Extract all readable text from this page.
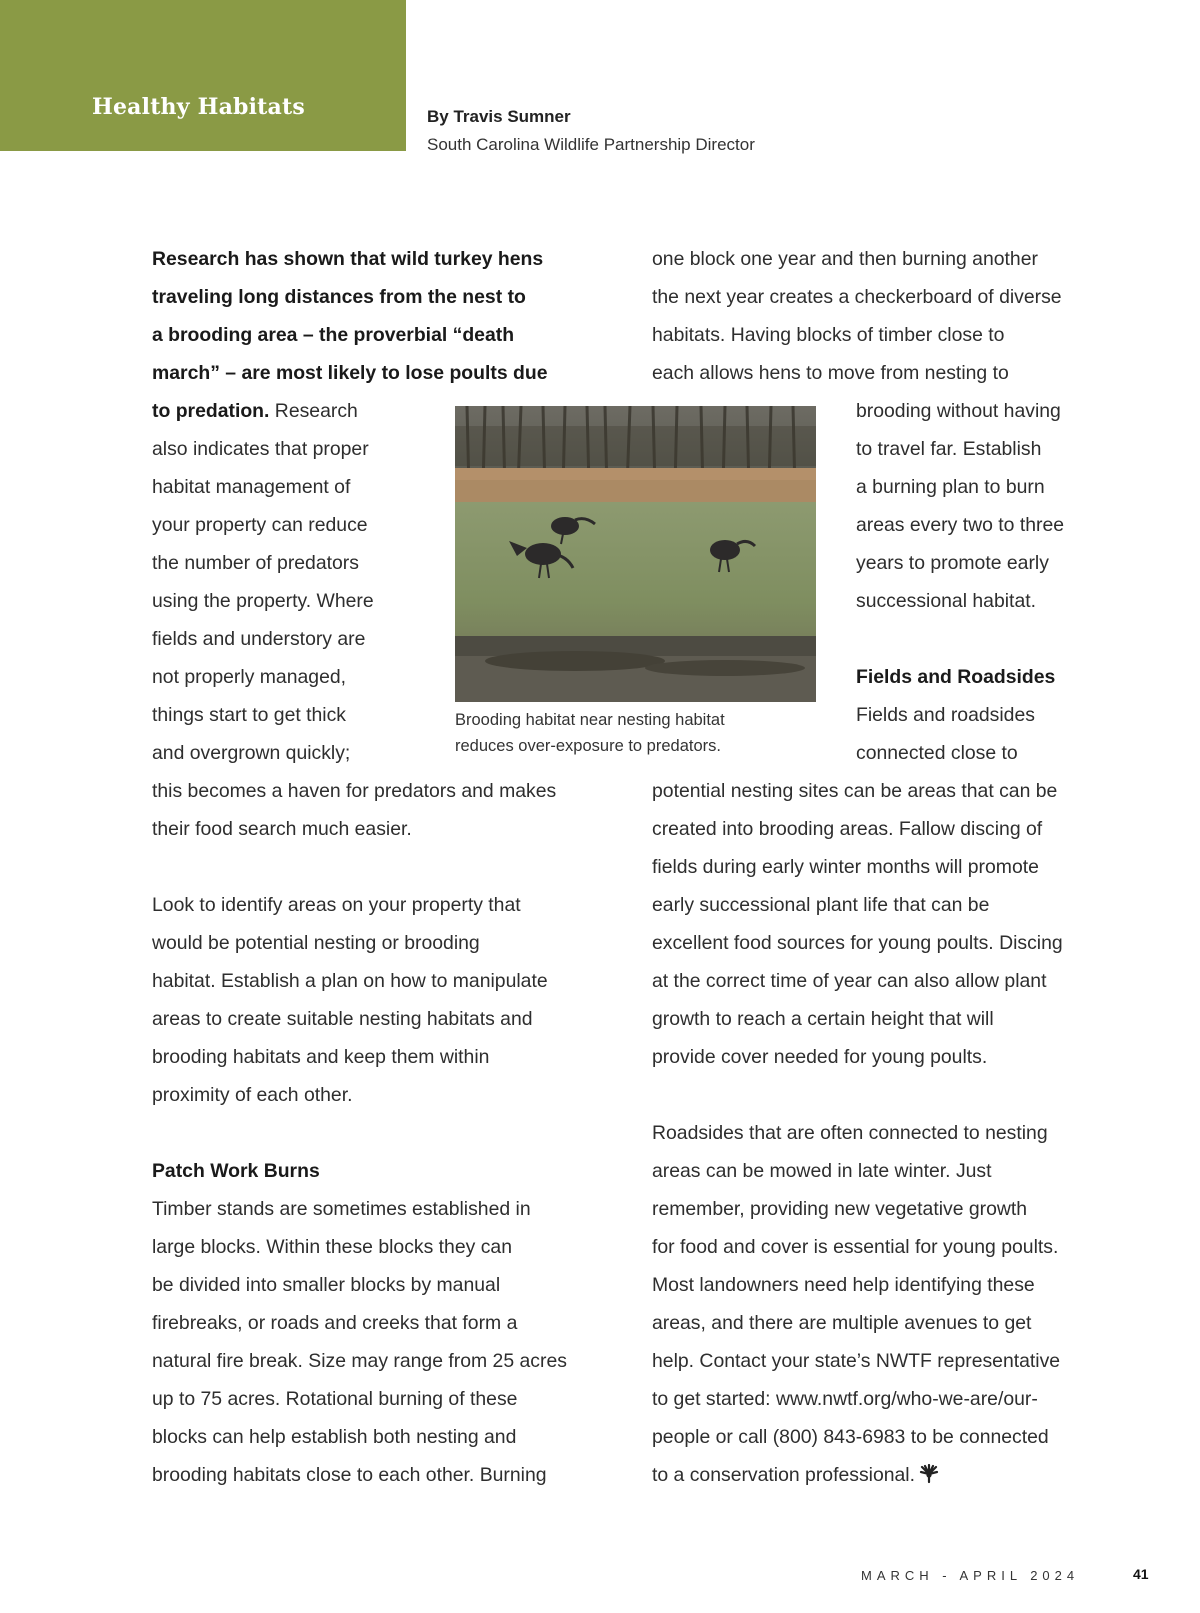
Healthy Habitats	By Travis Sumner
South Carolina Wildlife Partnership Director
Research has shown that wild turkey hens
traveling long distances from the nest to
a brooding area – the proverbial “death
march” – are most likely to lose poults due
to predation. Research
also indicates that proper
habitat management of
your property can reduce
the number of predators
using the property. Where
fields and understory are
not properly managed,
things start to get thick
and overgrown quickly;
this becomes a haven for predators and makes
their food search much easier.
Look to identify areas on your property that
would be potential nesting or brooding
habitat. Establish a plan on how to manipulate
areas to create suitable nesting habitats and
brooding habitats and keep them within
proximity of each other.
Patch Work Burns
Timber stands are sometimes established in
large blocks. Within these blocks they can
be divided into smaller blocks by manual
firebreaks, or roads and creeks that form a
natural fire break. Size may range from 25 acres
up to 75 acres. Rotational burning of these
blocks can help establish both nesting and
brooding habitats close to each other. Burning
one block one year and then burning another
the next year creates a checkerboard of diverse
habitats. Having blocks of timber close to
each allows hens to move from nesting to
brooding without having
to travel far. Establish
a burning plan to burn
areas every two to three
years to promote early
successional habitat.
Fields and Roadsides
Fields and roadsides
connected close to
potential nesting sites can be areas that can be
created into brooding areas. Fallow discing of
fields during early winter months will promote
early successional plant life that can be
excellent food sources for young poults. Discing
at the correct time of year can also allow plant
growth to reach a certain height that will
provide cover needed for young poults.
Roadsides that are often connected to nesting
areas can be mowed in late winter. Just
remember, providing new vegetative growth
for food and cover is essential for young poults.
Most landowners need help identifying these
areas, and there are multiple avenues to get
help. Contact your state’s NWTF representative
to get started: www.nwtf.org/who-we-are/our-
people or call (800) 843-6983 to be connected
to a conservation professional.
Brooding habitat near nesting habitat
reduces over-exposure to predators.
MARCH - APRIL 2024	41
